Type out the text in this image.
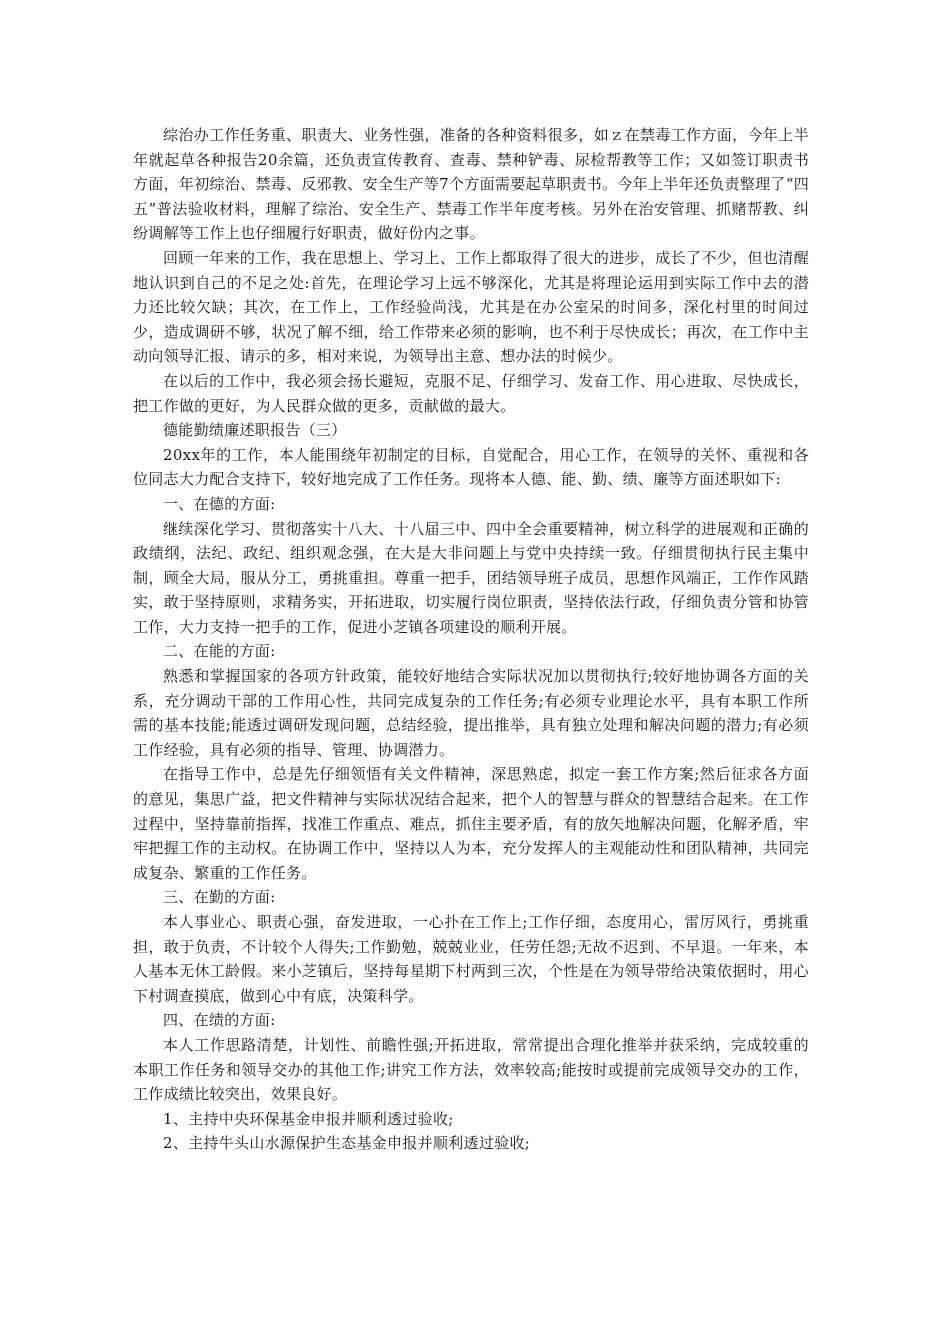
综治办工作任务重、职责大、业务性强，准备的各种资料很多，如ｚ在禁毒工作方面，今年上半年就起草各种报告20余篇，还负责宣传教育、查毒、禁种铲毒、尿检帮教等工作；又如签订职责书方面，年初综治、禁毒、反邪教、安全生产等7个方面需要起草职责书。今年上半年还负责整理了“四五”普法验收材料，理解了综治、安全生产、禁毒工作半年度考核。另外在治安管理、抓赌帮教、纠纷调解等工作上也仔细履行好职责，做好份内之事。

回顾一年来的工作，我在思想上、学习上、工作上都取得了很大的进步，成长了不少，但也清醒地认识到自己的不足之处:首先，在理论学习上远不够深化，尤其是将理论运用到实际工作中去的潜力还比较欠缺；其次，在工作上，工作经验尚浅，尤其是在办公室呆的时间多，深化村里的时间过少，造成调研不够，状况了解不细，给工作带来必须的影响，也不利于尽快成长；再次，在工作中主动向领导汇报、请示的多，相对来说，为领导出主意、想办法的时候少。

在以后的工作中，我必须会扬长避短，克服不足、仔细学习、发奋工作、用心进取、尽快成长，把工作做的更好，为人民群众做的更多，贡献做的最大。

德能勤绩廉述职报告（三）

20xx年的工作，本人能围绕年初制定的目标，自觉配合，用心工作，在领导的关怀、重视和各位同志大力配合支持下，较好地完成了工作任务。现将本人德、能、勤、绩、廉等方面述职如下:

一、在德的方面:

继续深化学习、贯彻落实十八大、十八届三中、四中全会重要精神，树立科学的进展观和正确的政绩纲，法纪、政纪、组织观念强，在大是大非问题上与党中央持续一致。仔细贯彻执行民主集中制，顾全大局，服从分工，勇挑重担。尊重一把手，团结领导班子成员，思想作风端正，工作作风踏实，敢于坚持原则，求精务实，开拓进取，切实履行岗位职责，坚持依法行政，仔细负责分管和协管工作，大力支持一把手的工作，促进小芝镇各项建设的顺利开展。

二、在能的方面:

熟悉和掌握国家的各项方针政策，能较好地结合实际状况加以贯彻执行;较好地协调各方面的关系，充分调动干部的工作用心性，共同完成复杂的工作任务;有必须专业理论水平，具有本职工作所需的基本技能;能透过调研发现问题，总结经验，提出推举，具有独立处理和解决问题的潜力;有必须工作经验，具有必须的指导、管理、协调潜力。

在指导工作中，总是先仔细领悟有关文件精神，深思熟虑，拟定一套工作方案;然后征求各方面的意见，集思广益，把文件精神与实际状况结合起来，把个人的智慧与群众的智慧结合起来。在工作过程中，坚持靠前指挥，找准工作重点、难点，抓住主要矛盾，有的放矢地解决问题，化解矛盾，牢牢把握工作的主动权。在协调工作中，坚持以人为本，充分发挥人的主观能动性和团队精神，共同完成复杂、繁重的工作任务。

三、在勤的方面:

本人事业心、职责心强，奋发进取，一心扑在工作上;工作仔细，态度用心，雷厉风行，勇挑重担，敢于负责，不计较个人得失;工作勤勉，兢兢业业，任劳任怨;无故不迟到、不早退。一年来，本人基本无休工龄假。来小芝镇后，坚持每星期下村两到三次，个性是在为领导带给决策依据时，用心下村调查摸底，做到心中有底，决策科学。

四、在绩的方面:

本人工作思路清楚，计划性、前瞻性强;开拓进取，常常提出合理化推举并获采纳，完成较重的本职工作任务和领导交办的其他工作;讲究工作方法，效率较高;能按时或提前完成领导交办的工作，工作成绩比较突出，效果良好。

1、主持中央环保基金申报并顺利透过验收;

2、主持牛头山水源保护生态基金申报并顺利透过验收;
